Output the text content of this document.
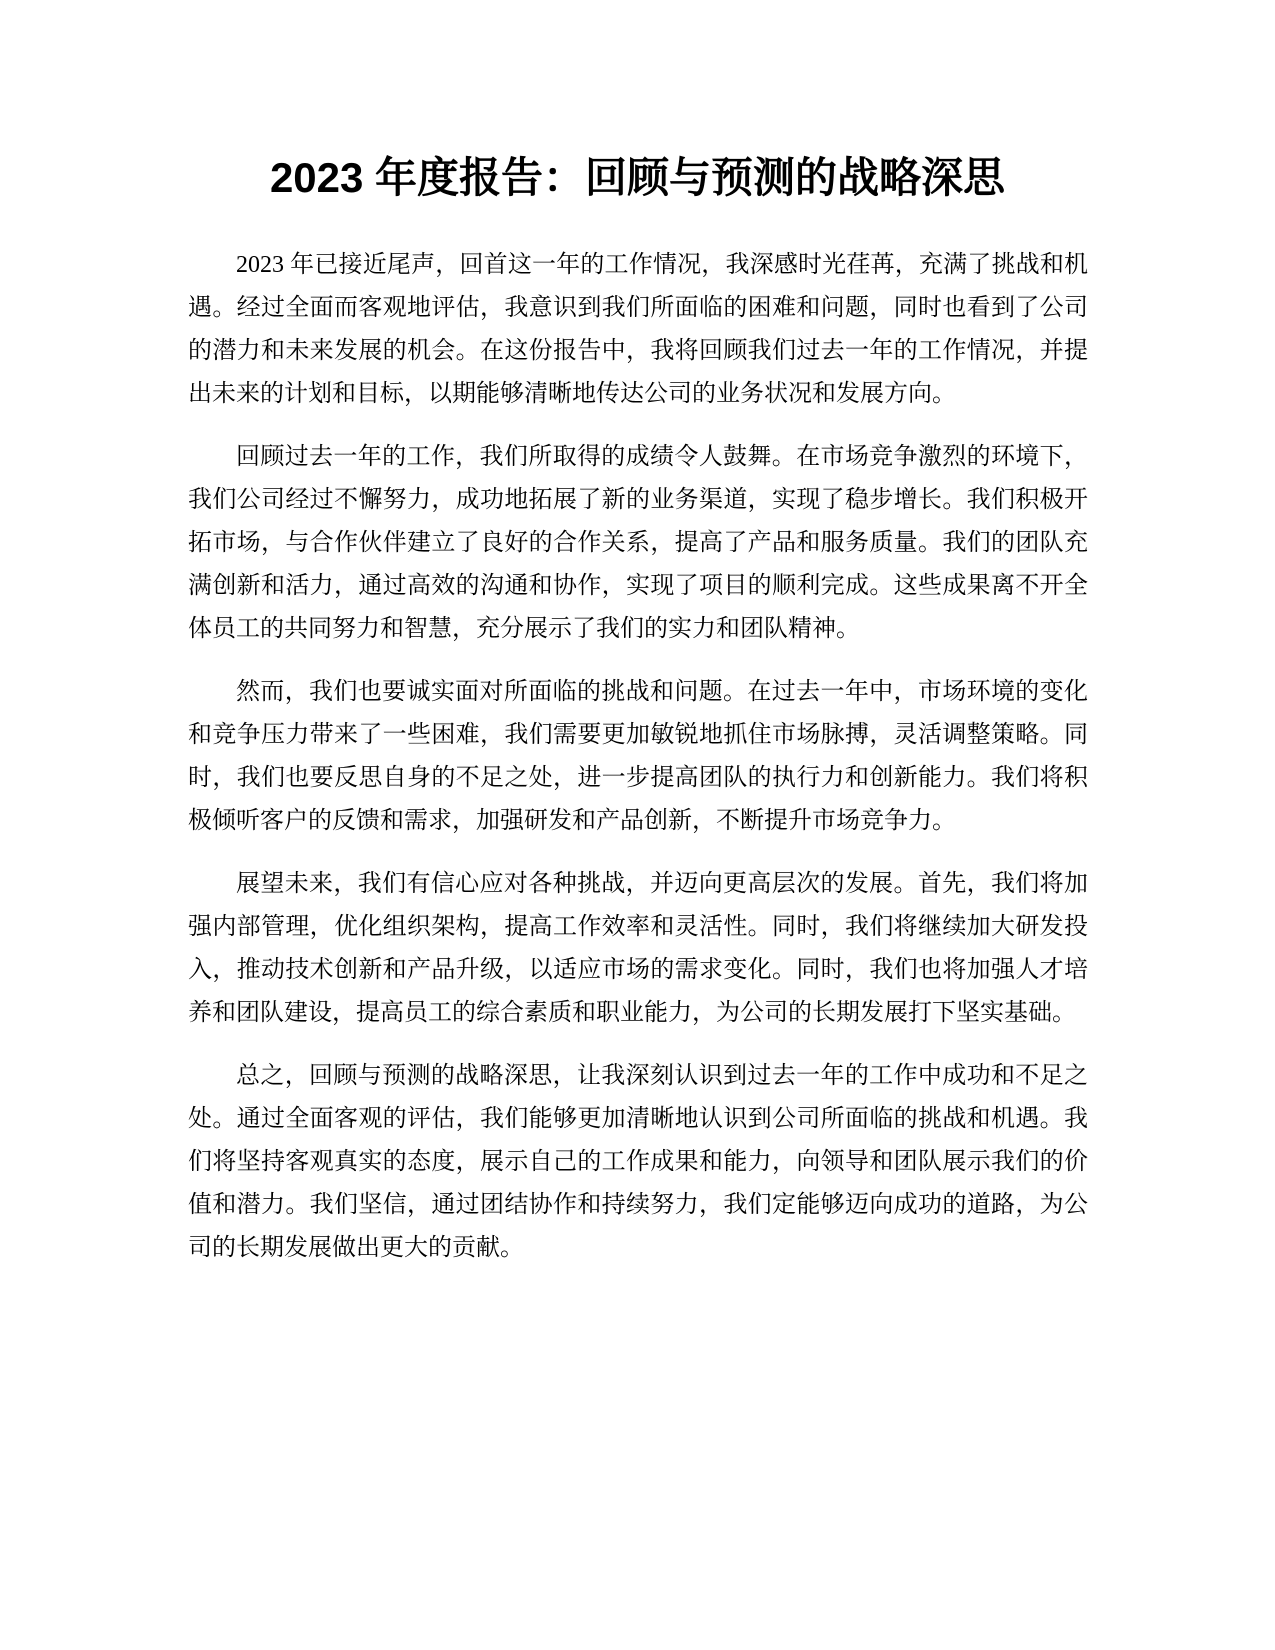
2023 年度报告：回顾与预测的战略深思

2023 年已接近尾声，回首这一年的工作情况，我深感时光荏苒，充满了挑战和机遇。经过全面而客观地评估，我意识到我们所面临的困难和问题，同时也看到了公司的潜力和未来发展的机会。在这份报告中，我将回顾我们过去一年的工作情况，并提出未来的计划和目标，以期能够清晰地传达公司的业务状况和发展方向。

回顾过去一年的工作，我们所取得的成绩令人鼓舞。在市场竞争激烈的环境下，我们公司经过不懈努力，成功地拓展了新的业务渠道，实现了稳步增长。我们积极开拓市场，与合作伙伴建立了良好的合作关系，提高了产品和服务质量。我们的团队充满创新和活力，通过高效的沟通和协作，实现了项目的顺利完成。这些成果离不开全体员工的共同努力和智慧，充分展示了我们的实力和团队精神。

然而，我们也要诚实面对所面临的挑战和问题。在过去一年中，市场环境的变化和竞争压力带来了一些困难，我们需要更加敏锐地抓住市场脉搏，灵活调整策略。同时，我们也要反思自身的不足之处，进一步提高团队的执行力和创新能力。我们将积极倾听客户的反馈和需求，加强研发和产品创新，不断提升市场竞争力。

展望未来，我们有信心应对各种挑战，并迈向更高层次的发展。首先，我们将加强内部管理，优化组织架构，提高工作效率和灵活性。同时，我们将继续加大研发投入，推动技术创新和产品升级，以适应市场的需求变化。同时，我们也将加强人才培养和团队建设，提高员工的综合素质和职业能力，为公司的长期发展打下坚实基础。

总之，回顾与预测的战略深思，让我深刻认识到过去一年的工作中成功和不足之处。通过全面客观的评估，我们能够更加清晰地认识到公司所面临的挑战和机遇。我们将坚持客观真实的态度，展示自己的工作成果和能力，向领导和团队展示我们的价值和潜力。我们坚信，通过团结协作和持续努力，我们定能够迈向成功的道路，为公司的长期发展做出更大的贡献。
